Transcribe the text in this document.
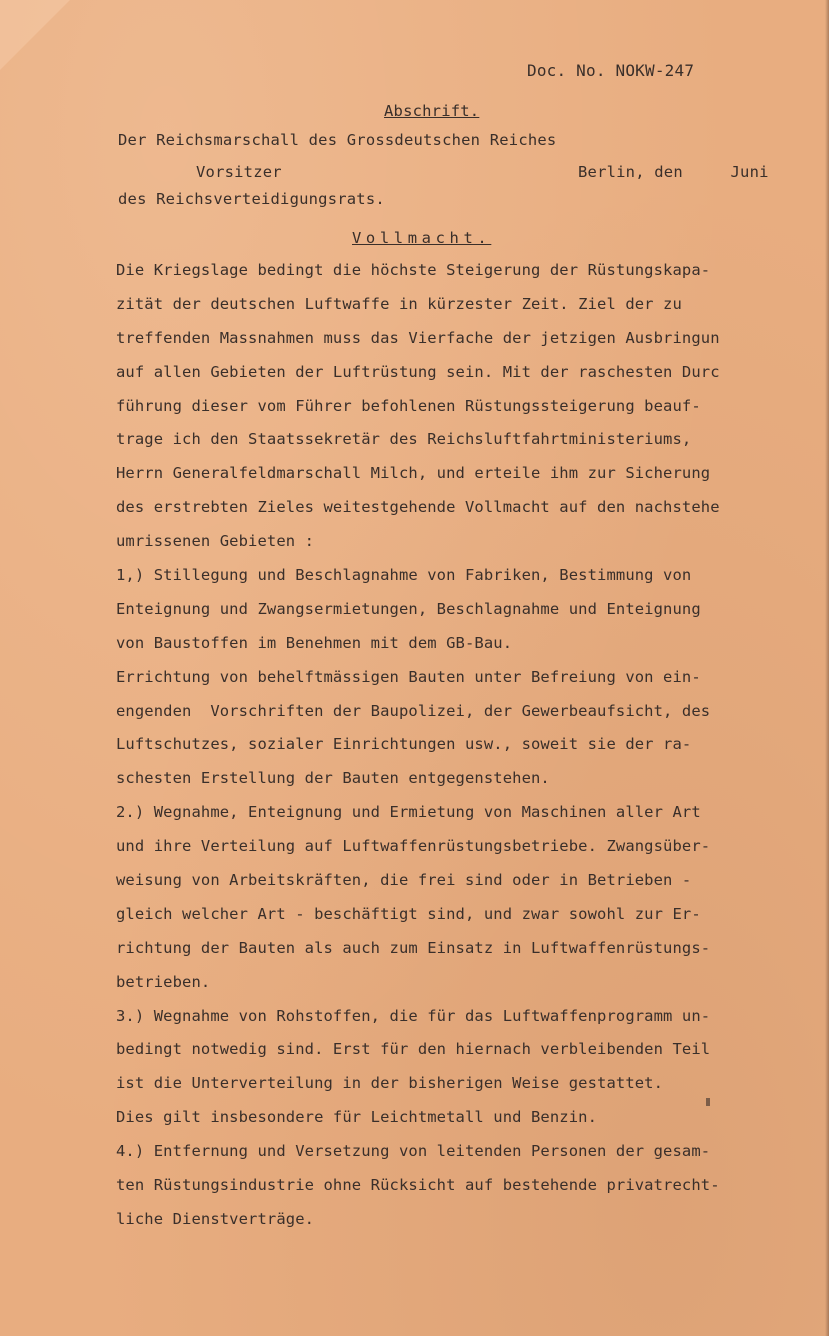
Doc. No. NOKW-247
Abschrift.
Der Reichsmarschall des Grossdeutschen Reiches
Vorsitzer	Berlin, den     Juni
des Reichsverteidigungsrats.
Vollmacht.
Die Kriegslage bedingt die höchste Steigerung der Rüstungskapa-
zität der deutschen Luftwaffe in kürzester Zeit. Ziel der zu
treffenden Massnahmen muss das Vierfache der jetzigen Ausbringun
auf allen Gebieten der Luftrüstung sein. Mit der raschesten Durc
führung dieser vom Führer befohlenen Rüstungssteigerung beauf-
trage ich den Staatssekretär des Reichsluftfahrtministeriums,
Herrn Generalfeldmarschall Milch, und erteile ihm zur Sicherung
des erstrebten Zieles weitestgehende Vollmacht auf den nachstehe
umrissenen Gebieten :
1,) Stillegung und Beschlagnahme von Fabriken, Bestimmung von
Enteignung und Zwangsermietungen, Beschlagnahme und Enteignung
von Baustoffen im Benehmen mit dem GB-Bau.
Errichtung von behelftmässigen Bauten unter Befreiung von ein-
engenden  Vorschriften der Baupolizei, der Gewerbeaufsicht, des
Luftschutzes, sozialer Einrichtungen usw., soweit sie der ra-
schesten Erstellung der Bauten entgegenstehen.
2.) Wegnahme, Enteignung und Ermietung von Maschinen aller Art
und ihre Verteilung auf Luftwaffenrüstungsbetriebe. Zwangsüber-
weisung von Arbeitskräften, die frei sind oder in Betrieben -
gleich welcher Art - beschäftigt sind, und zwar sowohl zur Er-
richtung der Bauten als auch zum Einsatz in Luftwaffenrüstungs-
betrieben.
3.) Wegnahme von Rohstoffen, die für das Luftwaffenprogramm un-
bedingt notwedig sind. Erst für den hiernach verbleibenden Teil
ist die Unterverteilung in der bisherigen Weise gestattet.
Dies gilt insbesondere für Leichtmetall und Benzin.
4.) Entfernung und Versetzung von leitenden Personen der gesam-
ten Rüstungsindustrie ohne Rücksicht auf bestehende privatrecht-
liche Dienstverträge.
